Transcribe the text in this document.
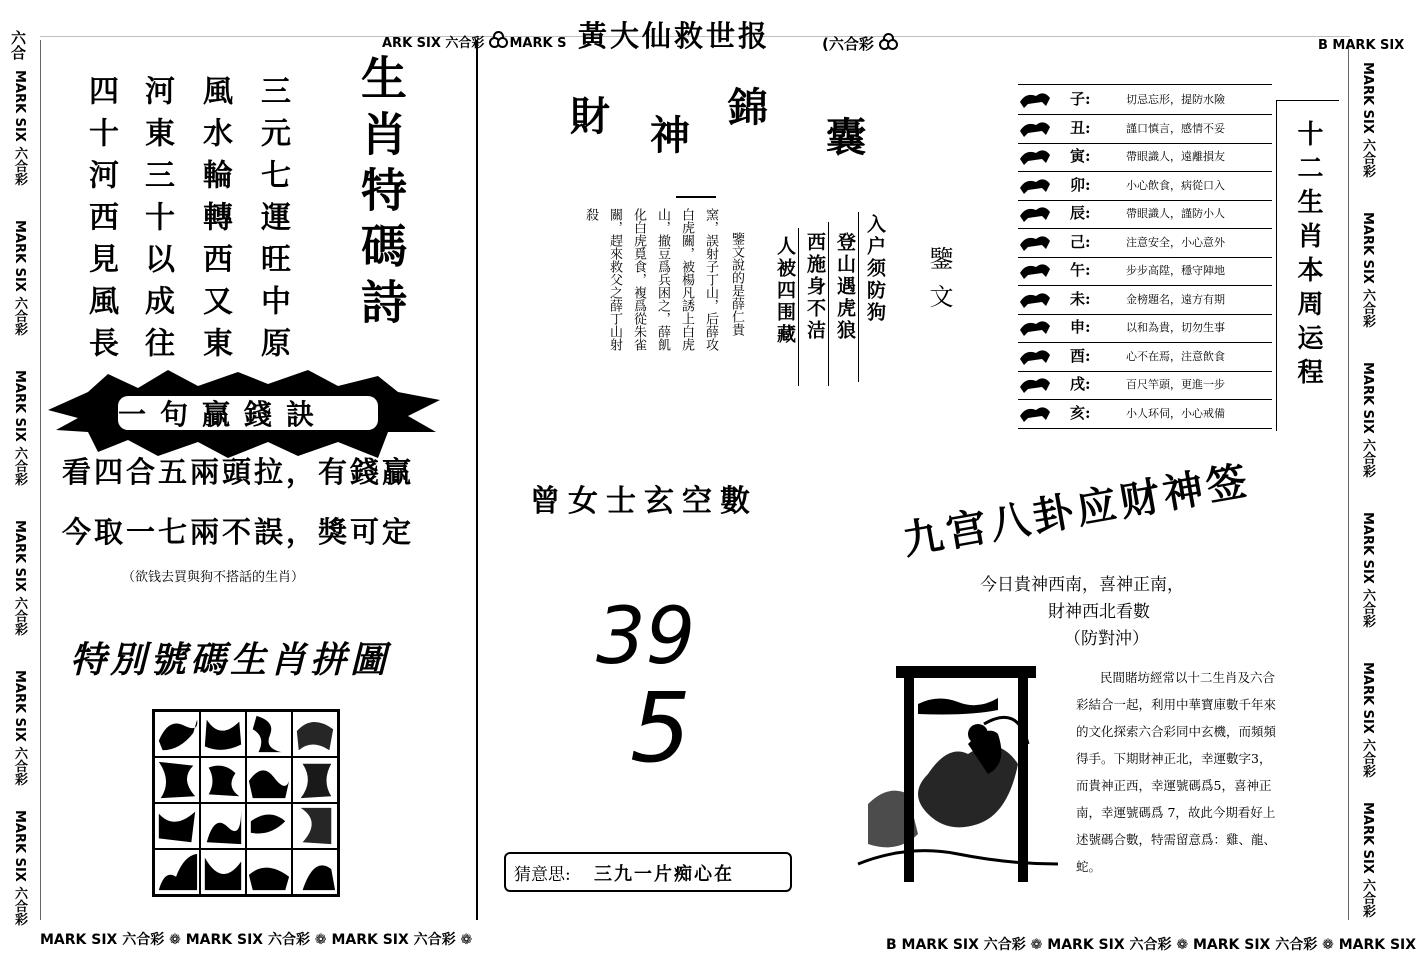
ARK SIX 六合彩 MARK S 黃大仙救世报	(六合彩	B MARK SIX
六合
MARK SIX 六合彩
MARK SIX 六合彩
MARK SIX 六合彩
MARK SIX 六合彩
MARK SIX 六合彩
MARK SIX 六合彩
MARK SIX 六合彩
MARK SIX 六合彩
MARK SIX 六合彩
MARK SIX 六合彩
MARK SIX 六合彩
MARK SIX 六合彩
MARK SIX 六合彩 ❁ MARK SIX 六合彩 ❁ MARK SIX 六合彩 ❁	B MARK SIX 六合彩 ❁ MARK SIX 六合彩 ❁ MARK SIX 六合彩 ❁ MARK SIX
三元七運旺中原
風水輪轉西又東
河東三十以成往
四十河西見風長	生肖特碼詩
一句贏錢訣
看四合五兩頭拉，有錢贏
今取一七兩不誤，獎可定
（欲钱去買與狗不搭話的生肖）
特別號碼生肖拼圖
財 神
錦
囊
入户须防狗
登山遇虎狼
西施身不洁
人被四围藏	鑒文
鑒文說的是薛仁貴
窯，誤射子丁山，后薛攻
白虎關，被楊凡誘上白虎
山，撤豆爲兵困之，薛飢
化白虎覓食，複爲從朱雀
關，趕來救父之薛丁山射
殺
曾女士玄空數
39
5
猜意思: 三九一片痴心在
子:	切忌忘形，提防水險
丑:	謹口慎言，感情不妥
寅:	帶眼識人，遠離損友
卯:	小心飲食，病從口入
辰:	帶眼識人，謹防小人
己:	注意安全，小心意外
午:	步步高陞，穩守陣地
未:	金榜題名，遠方有期
申:	以和為貴，切勿生事
酉:	心不在焉，注意飲食
戌:	百尺竿頭，更進一步
亥:	小人环伺，小心戒備
十二生肖本周运程
九宫八卦应财神签
今日貴神西南，喜神正南，
財神西北看數
（防對沖）
民間賭坊經常以十二生肖及六合
彩結合一起，利用中華寶庫數千年來
的文化探索六合彩同中玄機，而頻頻
得手。下期財神正北，幸運數字3，
而貴神正西，幸運號碼爲5，喜神正
南，幸運號碼爲 7，故此今期看好上
述號碼合數，特需留意爲：雞、龍、
蛇。
